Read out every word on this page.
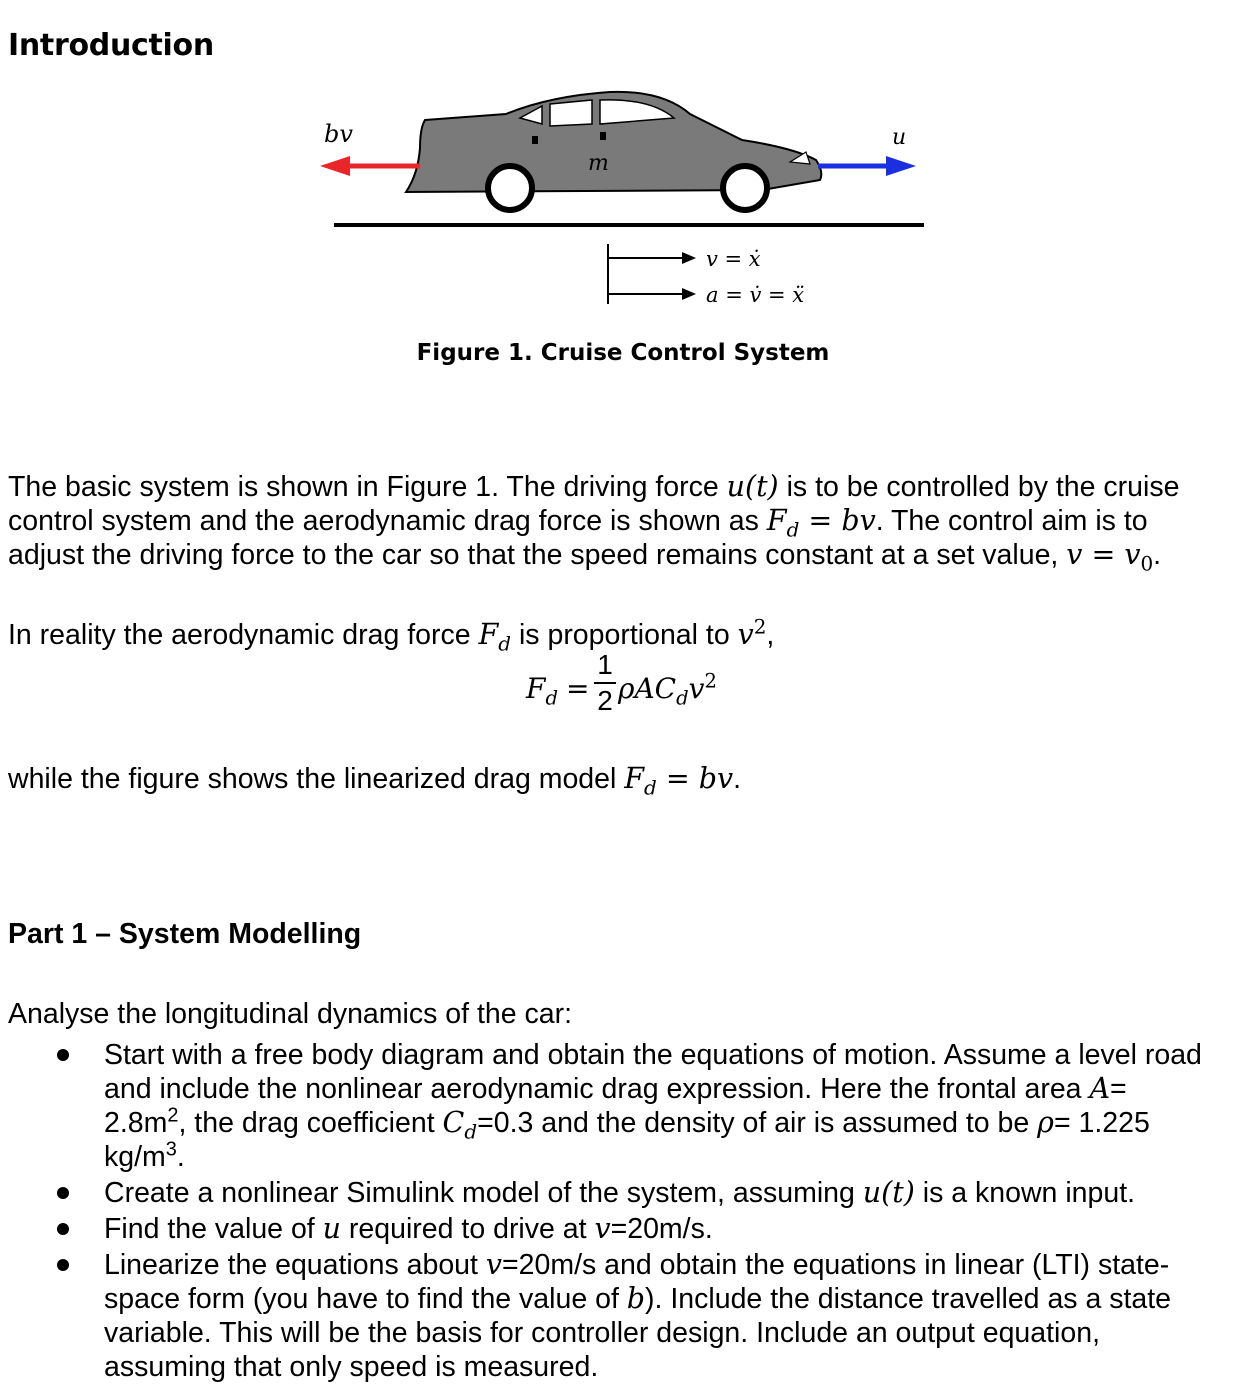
Introduction
bv	u
m
v = ẋ
a = v̇ = ẍ
Figure 1. Cruise Control System

The basic system is shown in Figure 1. The driving force u(t) is to be controlled by the cruise control system and the aerodynamic drag force is shown as $F_d$ = bv. The control aim is to adjust the driving force to the car so that the speed remains constant at a set value, $v = v_0$.

In reality the aerodynamic drag force $F_d$ is proportional to $v^2$,

$F_d$ =
1
2 $\rho AC_dv^2$

while the figure shows the linearized drag model $F_d$ = bv.

Part 1 – System Modelling

Analyse the longitudinal dynamics of the car:

Start with a free body diagram and obtain the equations of motion. Assume a level road and include the nonlinear aerodynamic drag expression. Here the frontal area $A= 2.8m^2$, the drag coefficient $C_d=0.3$ and the density of air is assumed to be ρ= 1.225 $kg/m^3$.
Create a nonlinear Simulink model of the system, assuming u(t) is a known input.
Find the value of u required to drive at v=20m/s.
Linearize the equations about v=20m/s and obtain the equations in linear (LTI) state-space form (you have to find the value of b). Include the distance travelled as a state variable. This will be the basis for controller design. Include an output equation, assuming that only speed is measured.
